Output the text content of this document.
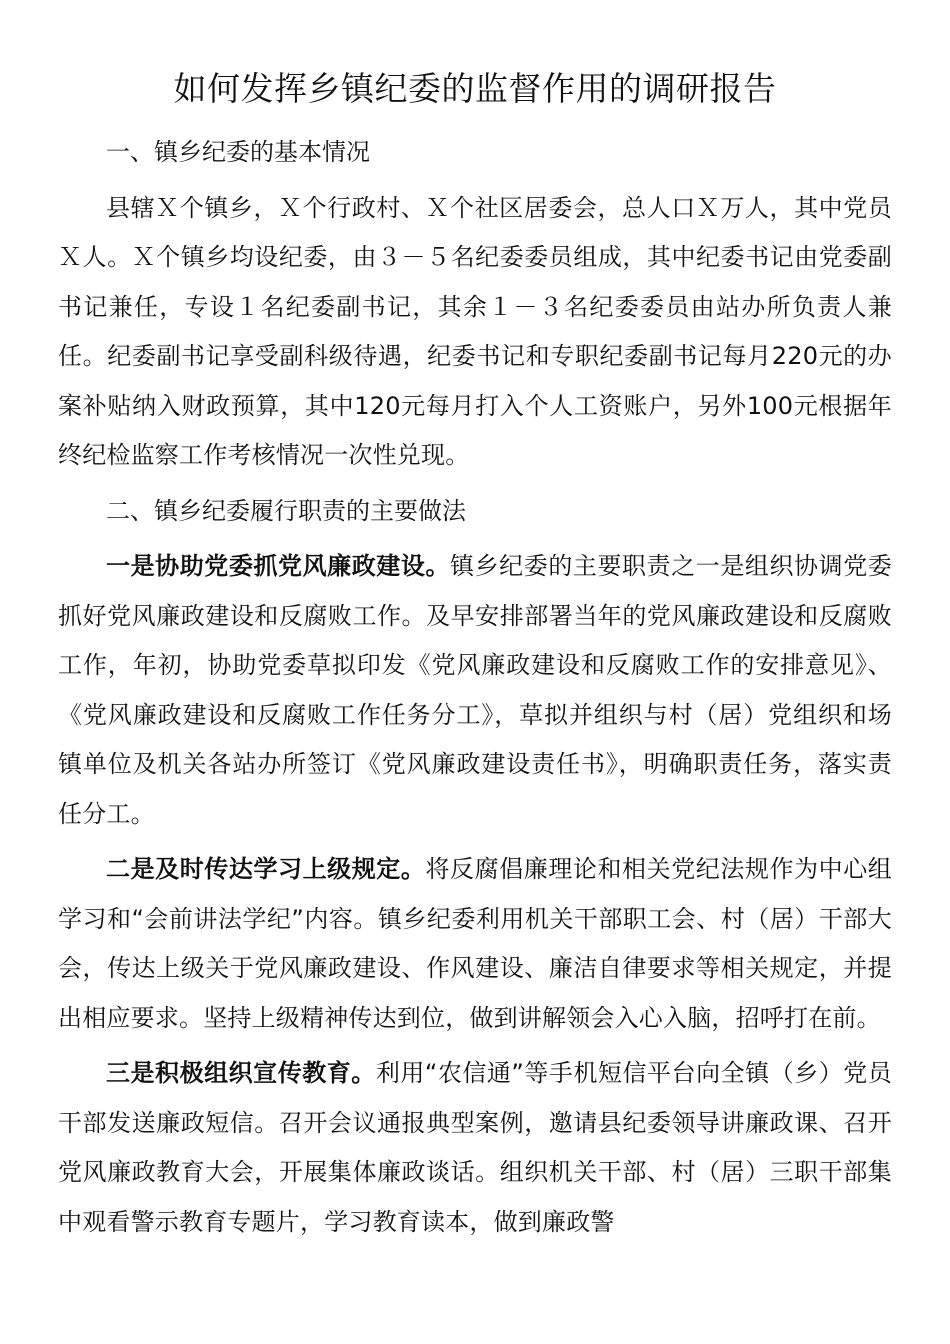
如何发挥乡镇纪委的监督作用的调研报告

一、镇乡纪委的基本情况

县辖Ｘ个镇乡，Ｘ个行政村、Ｘ个社区居委会，总人口Ｘ万人，其中党员Ｘ人。Ｘ个镇乡均设纪委，由３－５名纪委委员组成，其中纪委书记由党委副书记兼任，专设１名纪委副书记，其余１－３名纪委委员由站办所负责人兼任。纪委副书记享受副科级待遇，纪委书记和专职纪委副书记每月220元的办案补贴纳入财政预算，其中120元每月打入个人工资账户，另外100元根据年终纪检监察工作考核情况一次性兑现。

二、镇乡纪委履行职责的主要做法

一是协助党委抓党风廉政建设。镇乡纪委的主要职责之一是组织协调党委抓好党风廉政建设和反腐败工作。及早安排部署当年的党风廉政建设和反腐败工作，年初，协助党委草拟印发《党风廉政建设和反腐败工作的安排意见》、《党风廉政建设和反腐败工作任务分工》，草拟并组织与村（居）党组织和场镇单位及机关各站办所签订《党风廉政建设责任书》，明确职责任务，落实责任分工。

二是及时传达学习上级规定。将反腐倡廉理论和相关党纪法规作为中心组学习和“会前讲法学纪”内容。镇乡纪委利用机关干部职工会、村（居）干部大会，传达上级关于党风廉政建设、作风建设、廉洁自律要求等相关规定，并提出相应要求。坚持上级精神传达到位，做到讲解领会入心入脑，招呼打在前。

三是积极组织宣传教育。利用“农信通”等手机短信平台向全镇（乡）党员干部发送廉政短信。召开会议通报典型案例，邀请县纪委领导讲廉政课、召开党风廉政教育大会，开展集体廉政谈话。组织机关干部、村（居）三职干部集中观看警示教育专题片，学习教育读本，做到廉政警
